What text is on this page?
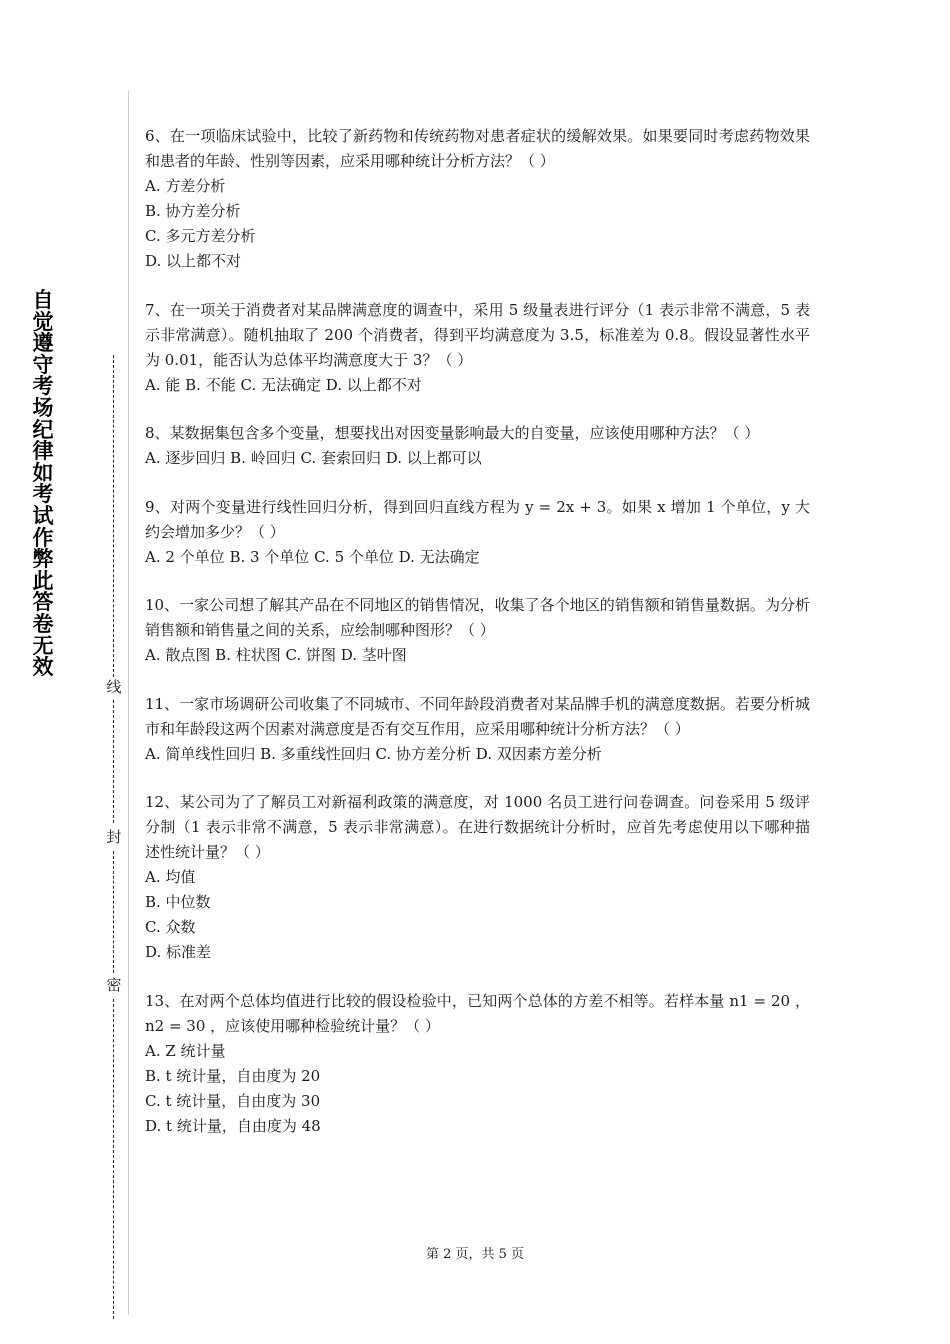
自觉遵守考场纪律如考试作弊此答卷无效
线
封
密
6、在一项临床试验中，比较了新药物和传统药物对患者症状的缓解效果。如果要同时考虑药物效果和患者的年龄、性别等因素，应采用哪种统计分析方法？（ ）
A. 方差分析
B. 协方差分析
C. 多元方差分析
D. 以上都不对
7、在一项关于消费者对某品牌满意度的调查中，采用 5 级量表进行评分（1 表示非常不满意，5 表示非常满意）。随机抽取了 200 个消费者，得到平均满意度为 3.5，标准差为 0.8。假设显著性水平为 0.01，能否认为总体平均满意度大于 3？（ ）
A. 能 B. 不能 C. 无法确定 D. 以上都不对
8、某数据集包含多个变量，想要找出对因变量影响最大的自变量，应该使用哪种方法？（ ）
A. 逐步回归 B. 岭回归 C. 套索回归 D. 以上都可以
9、对两个变量进行线性回归分析，得到回归直线方程为 y = 2x + 3。如果 x 增加 1 个单位，y 大约会增加多少？（ ）
A. 2 个单位 B. 3 个单位 C. 5 个单位 D. 无法确定
10、一家公司想了解其产品在不同地区的销售情况，收集了各个地区的销售额和销售量数据。为分析销售额和销售量之间的关系，应绘制哪种图形？（ ）
A. 散点图 B. 柱状图 C. 饼图 D. 茎叶图
11、一家市场调研公司收集了不同城市、不同年龄段消费者对某品牌手机的满意度数据。若要分析城市和年龄段这两个因素对满意度是否有交互作用，应采用哪种统计分析方法？（ ）
A. 简单线性回归 B. 多重线性回归 C. 协方差分析 D. 双因素方差分析
12、某公司为了了解员工对新福利政策的满意度，对 1000 名员工进行问卷调查。问卷采用 5 级评分制（1 表示非常不满意，5 表示非常满意）。在进行数据统计分析时，应首先考虑使用以下哪种描述性统计量？（ ）
A. 均值
B. 中位数
C. 众数
D. 标准差
13、在对两个总体均值进行比较的假设检验中，已知两个总体的方差不相等。若样本量 n1 = 20 ，n2 = 30 ，应该使用哪种检验统计量？（ ）
A. Z 统计量
B. t 统计量，自由度为 20
C. t 统计量，自由度为 30
D. t 统计量，自由度为 48
第 2 页，共 5 页
